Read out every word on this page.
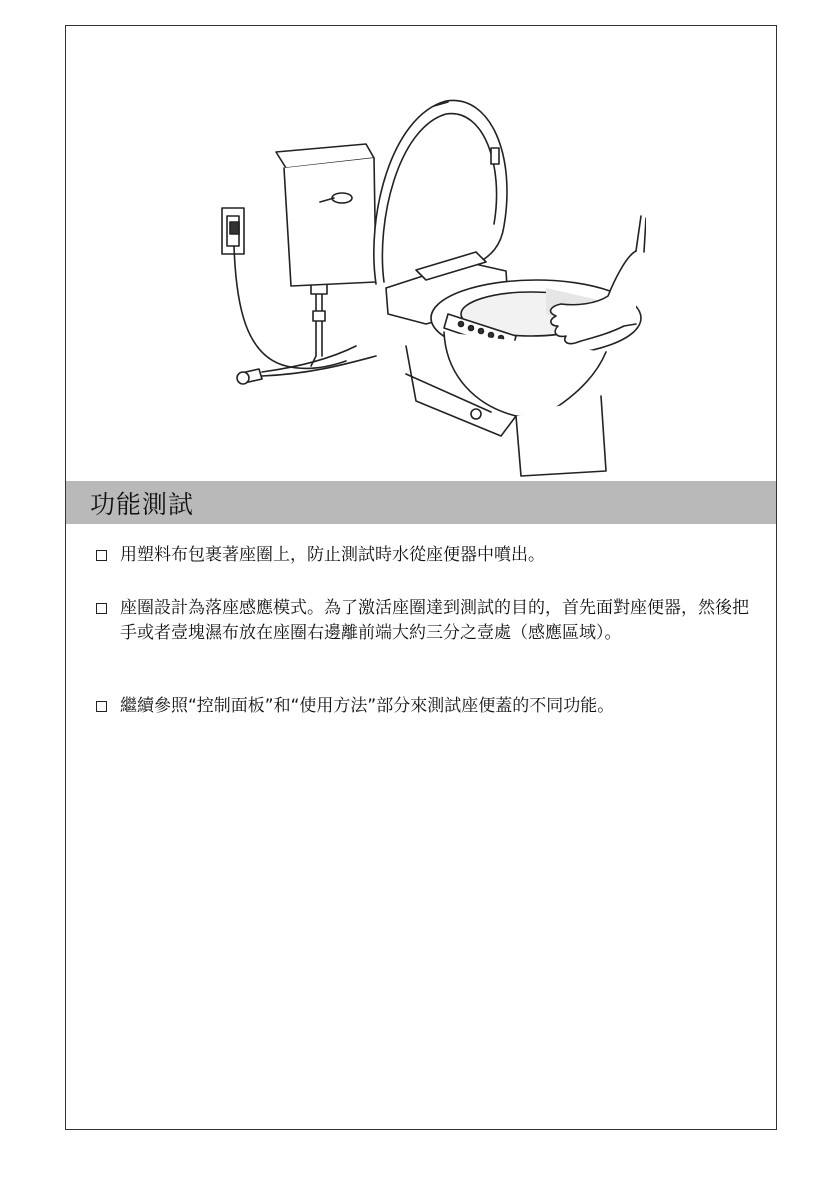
功能測試
用塑料布包裹著座圈上，防止測試時水從座便器中噴出。
座圈設計為落座感應模式。為了激活座圈達到測試的目的，首先面對座便器，然後把手或者壹塊濕布放在座圈右邊離前端大約三分之壹處（感應區域）。
繼續參照“控制面板”和“使用方法”部分來測試座便蓋的不同功能。
